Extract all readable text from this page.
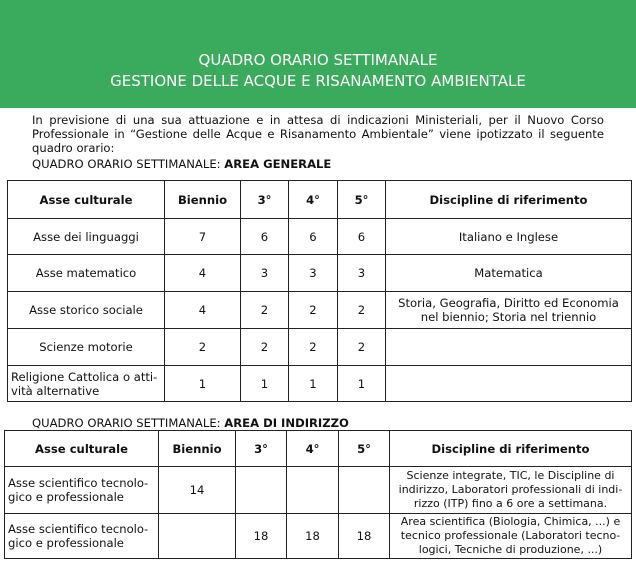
QUADRO ORARIO SETTIMANALE
GESTIONE DELLE ACQUE E RISANAMENTO AMBIENTALE
In previsione di una sua attuazione e in attesa di indicazioni Ministeriali, per il Nuovo Corso Professionale in “Gestione delle Acque e Risanamento Ambientale” viene ipotizzato il seguente quadro orario:
QUADRO ORARIO SETTIMANALE: AREA GENERALE
Asse culturale	Biennio	3°	4°	5°	Discipline di riferimento
Asse dei linguaggi	7	6	6	6	Italiano e Inglese
Asse matematico	4	3	3	3	Matematica
Asse storico sociale	4	2	2	2	Storia, Geografia, Diritto ed Economia nel biennio; Storia nel triennio
Scienze motorie	2	2	2	2	
Religione Cattolica o attività alternative	1	1	1	1	
QUADRO ORARIO SETTIMANALE: AREA DI INDIRIZZO
Asse culturale	Biennio	3°	4°	5°	Discipline di riferimento
Asse scientifico tecnologico e professionale	14				Scienze integrate, TIC, le Discipline di indirizzo, Laboratori professionali di indirizzo (ITP) fino a 6 ore a settimana.
Asse scientifico tecnologico e professionale		18	18	18	Area scientifica (Biologia, Chimica, ...) e tecnico professionale (Laboratori tecnologici, Tecniche di produzione, ...)
